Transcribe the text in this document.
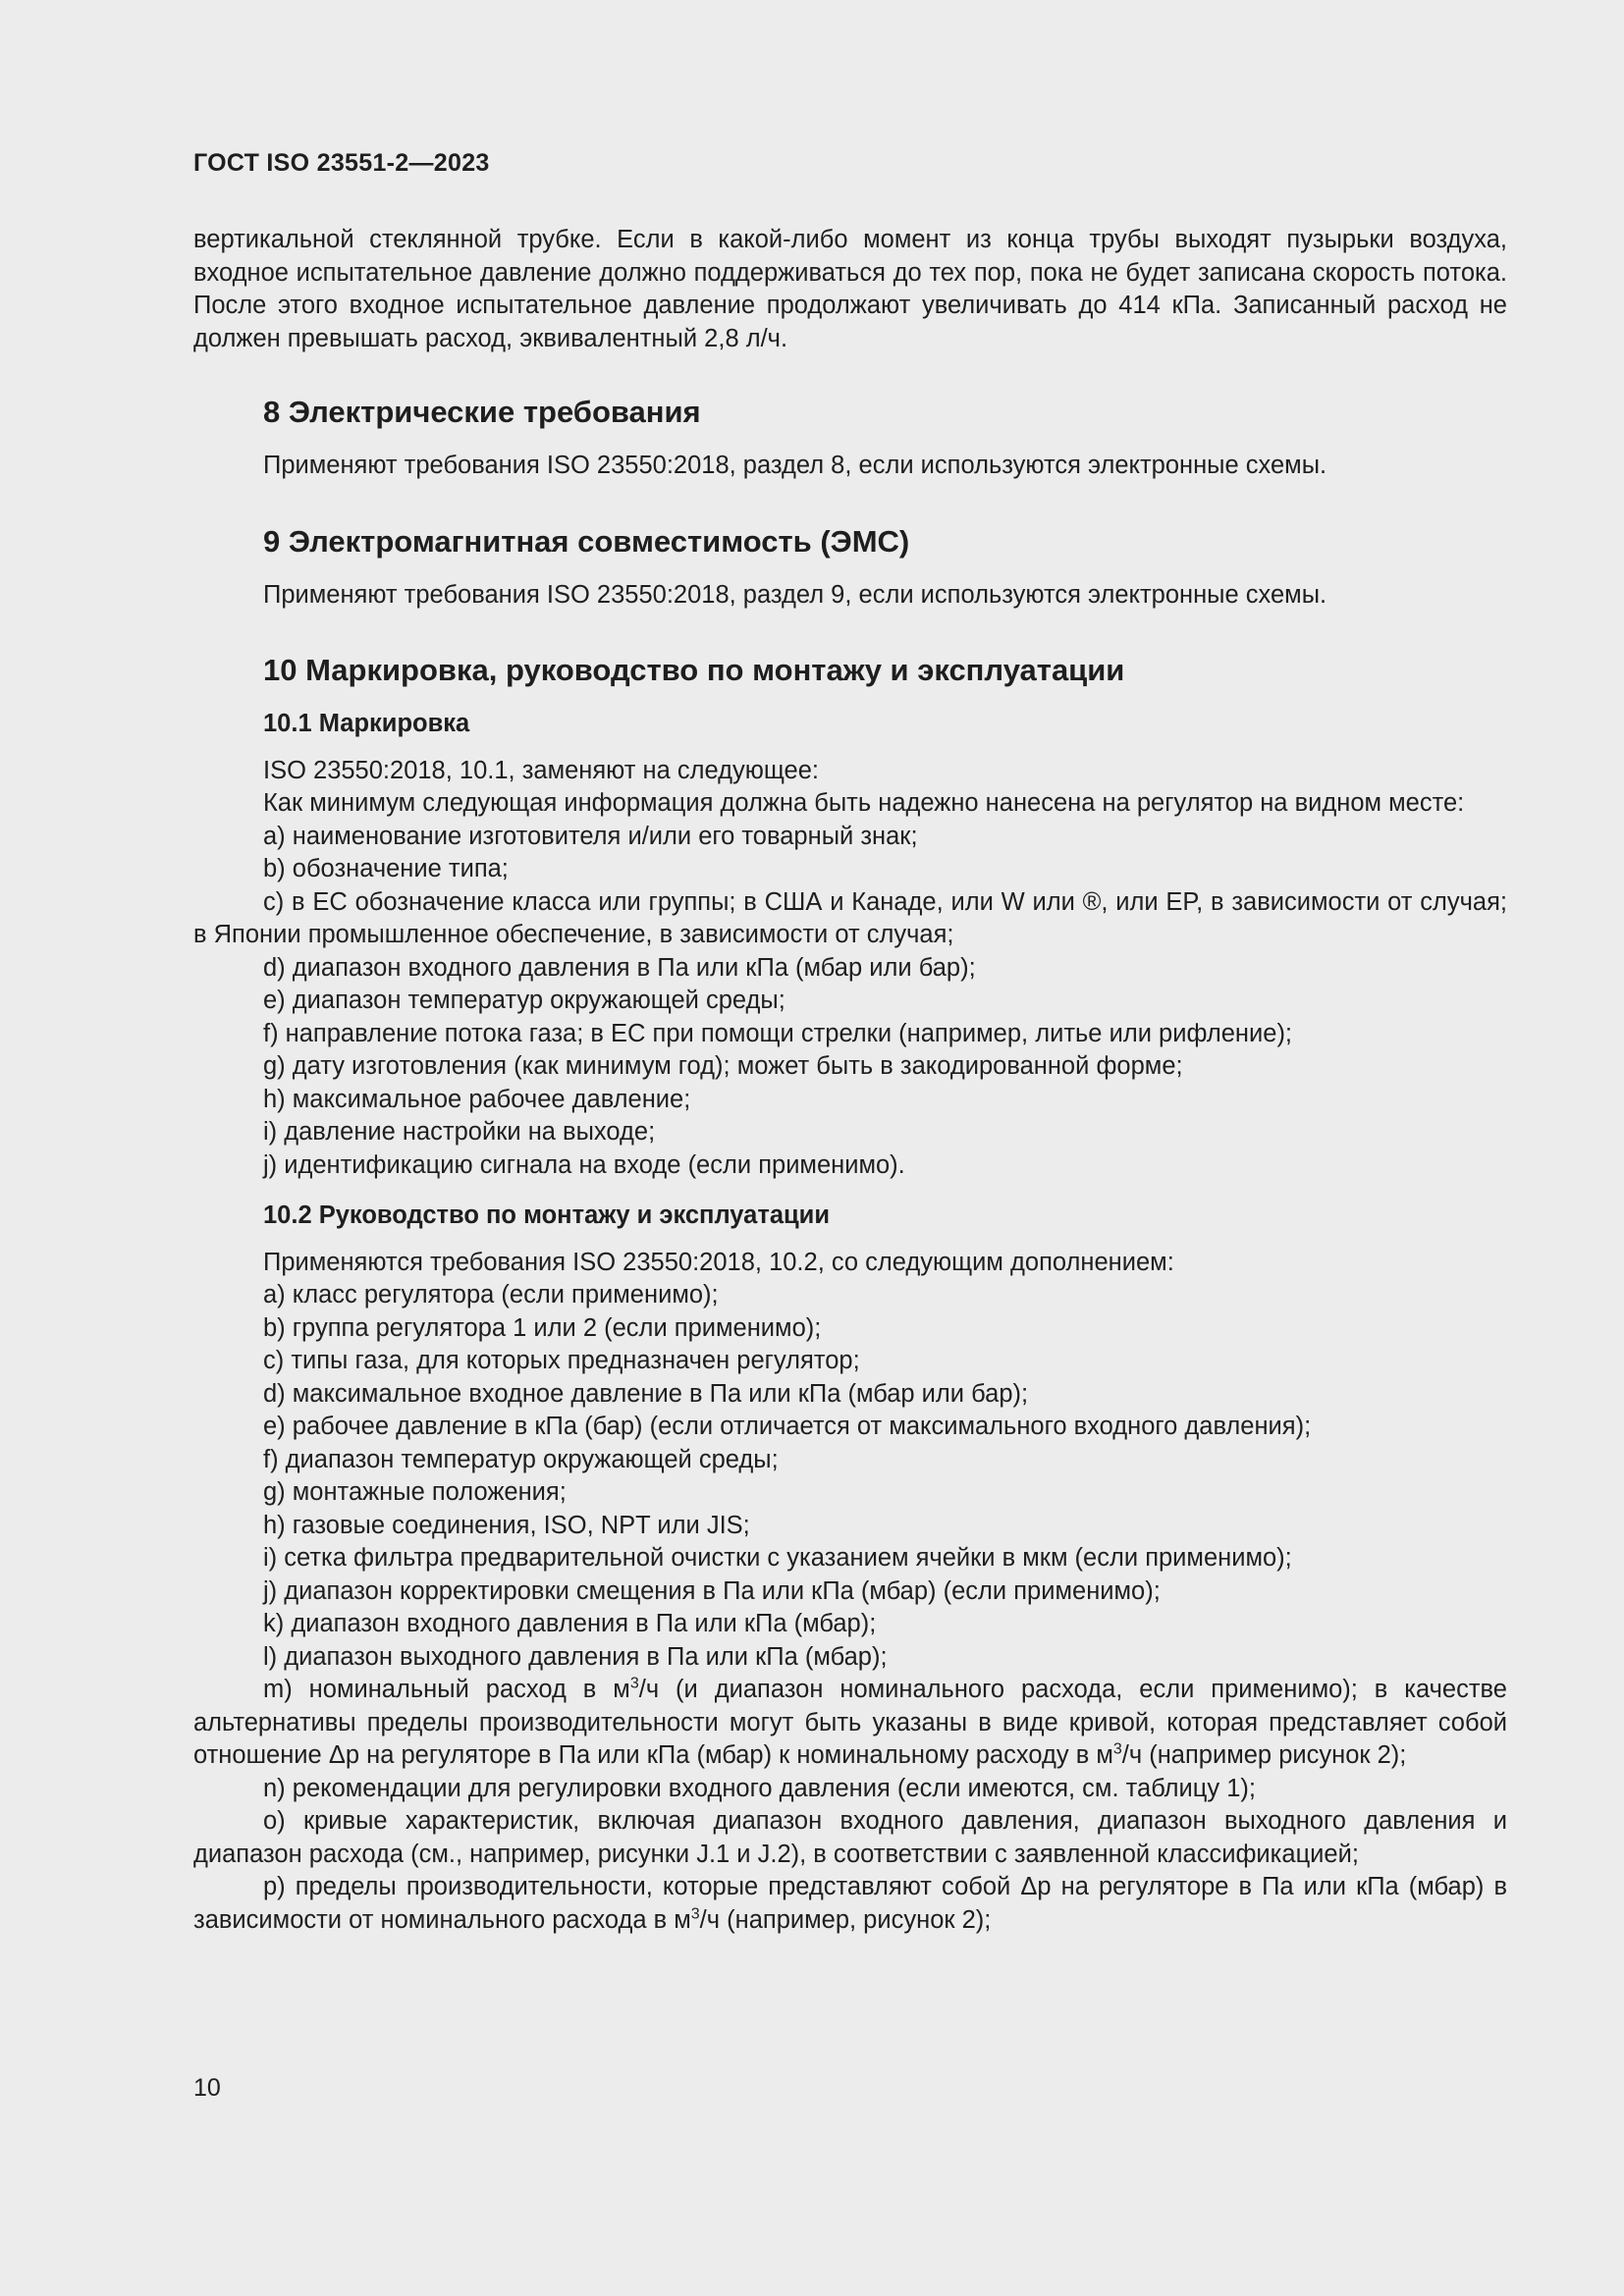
ГОСТ ISO 23551-2—2023

вертикальной стеклянной трубке. Если в какой-либо момент из конца трубы выходят пузырьки воздуха, входное испытательное давление должно поддерживаться до тех пор, пока не будет записана скорость потока. После этого входное испытательное давление продолжают увеличивать до 414 кПа. Записанный расход не должен превышать расход, эквивалентный 2,8 л/ч.

8 Электрические требования

Применяют требования ISO 23550:2018, раздел 8, если используются электронные схемы.

9 Электромагнитная совместимость (ЭМС)

Применяют требования ISO 23550:2018, раздел 9, если используются электронные схемы.

10 Маркировка, руководство по монтажу и эксплуатации
10.1 Маркировка

ISO 23550:2018, 10.1, заменяют на следующее:

Как минимум следующая информация должна быть надежно нанесена на регулятор на видном месте:

a) наименование изготовителя и/или его товарный знак;
b) обозначение типа;
c) в ЕС обозначение класса или группы; в США и Канаде, или W или ®, или EP, в зависимости от случая; в Японии промышленное обеспечение, в зависимости от случая;
d) диапазон входного давления в Па или кПа (мбар или бар);
e) диапазон температур окружающей среды;
f) направление потока газа; в ЕС при помощи стрелки (например, литье или рифление);
g) дату изготовления (как минимум год); может быть в закодированной форме;
h) максимальное рабочее давление;
i) давление настройки на выходе;
j) идентификацию сигнала на входе (если применимо).
10.2 Руководство по монтажу и эксплуатации

Применяются требования ISO 23550:2018, 10.2, со следующим дополнением:

a) класс регулятора (если применимо);
b) группа регулятора 1 или 2 (если применимо);
c) типы газа, для которых предназначен регулятор;
d) максимальное входное давление в Па или кПа (мбар или бар);
e) рабочее давление в кПа (бар) (если отличается от максимального входного давления);
f) диапазон температур окружающей среды;
g) монтажные положения;
h) газовые соединения, ISO, NPT или JIS;
i) сетка фильтра предварительной очистки с указанием ячейки в мкм (если применимо);
j) диапазон корректировки смещения в Па или кПа (мбар) (если применимо);
k) диапазон входного давления в Па или кПа (мбар);
l) диапазон выходного давления в Па или кПа (мбар);
m) номинальный расход в $м^3/ч$ (и диапазон номинального расхода, если применимо); в качестве альтернативы пределы производительности могут быть указаны в виде кривой, которая представляет собой отношение Δp на регуляторе в Па или кПа (мбар) к номинальному расходу в $м^3/ч$ (например рисунок 2);
n) рекомендации для регулировки входного давления (если имеются, см. таблицу 1);
o) кривые характеристик, включая диапазон входного давления, диапазон выходного давления и диапазон расхода (см., например, рисунки J.1 и J.2), в соответствии с заявленной классификацией;
p) пределы производительности, которые представляют собой Δp на регуляторе в Па или кПа (мбар) в зависимости от номинального расхода в $м^3/ч$ (например, рисунок 2);
10
